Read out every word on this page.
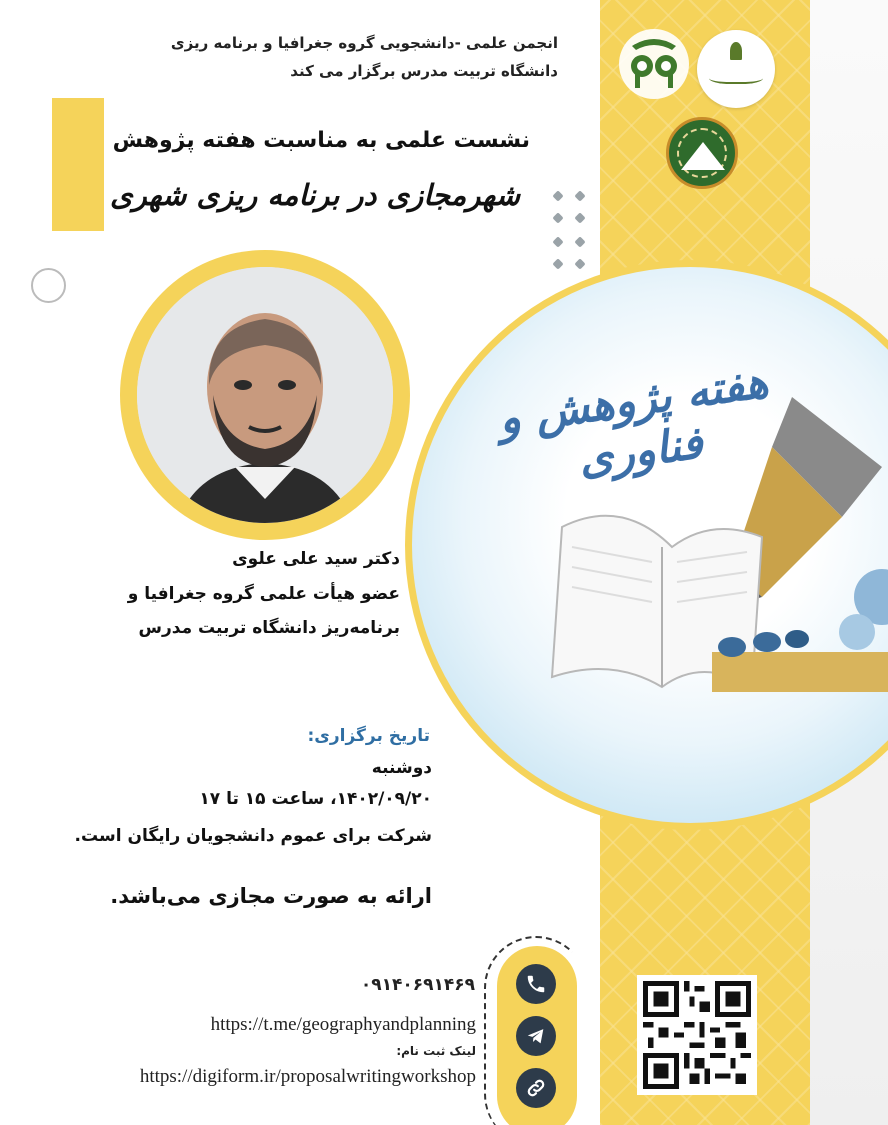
انجمن علمی -دانشجویی گروه جغرافیا و برنامه ریزی
دانشگاه تربیت مدرس برگزار می کند
نشست علمی به مناسبت هفته پژوهش
شهرمجازی در برنامه ریزی شهری
هفته پژوهش و فناوری
دکتر سید علی علوی
عضو هیأت علمی گروه جغرافیا و
برنامه‌ریز دانشگاه تربیت مدرس
تاریخ برگزاری:
دوشنبه
۱۴۰۲/۰۹/۲۰، ساعت ۱۵ تا ۱۷
شرکت برای عموم دانشجویان رایگان است.
ارائه به صورت مجازی می‌باشد.
۰۹۱۴۰۶۹۱۴۶۹
https://t.me/geographyandplanning
لینک ثبت نام:
https://digiform.ir/proposalwritingworkshop
